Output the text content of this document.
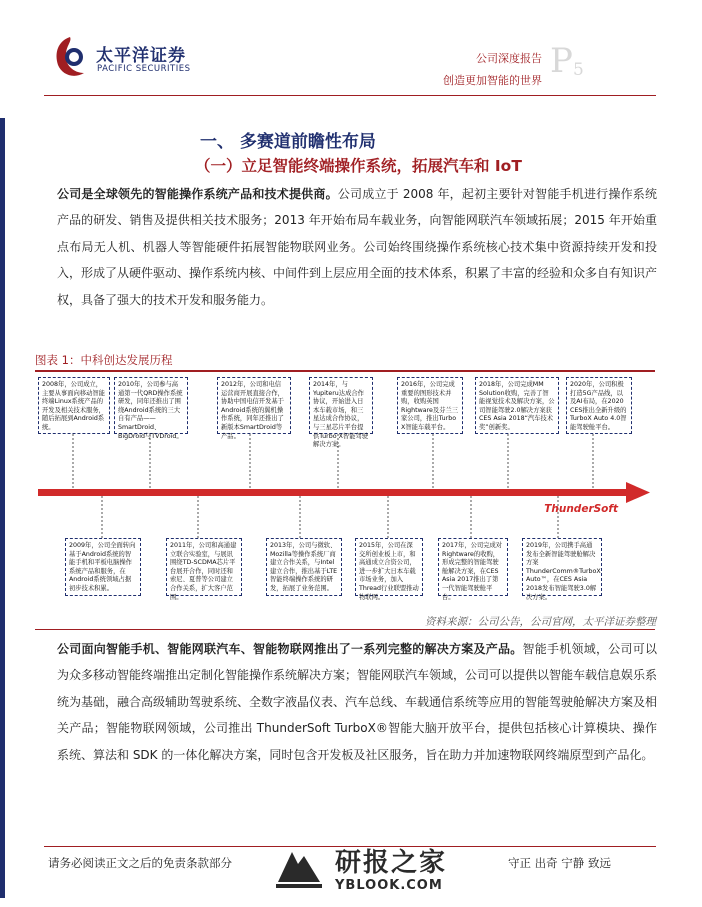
太平洋证券
PACIFIC SECURITIES
公司深度报告
创造更加智能的世界 P 5
一、 多赛道前瞻性布局
（一）立足智能终端操作系统，拓展汽车和 IoT
公司是全球领先的智能操作系统产品和技术提供商。公司成立于 2008 年，起初主要针对智能手机进行操作系统产品的研发、销售及提供相关技术服务；2013 年开始布局车载业务，向智能网联汽车领域拓展；2015 年开始重点布局无人机、机器人等智能硬件拓展智能物联网业务。公司始终围绕操作系统核心技术集中资源持续开发和投入，形成了从硬件驱动、操作系统内核、中间件到上层应用全面的技术体系，积累了丰富的经验和众多自有知识产权，具备了强大的技术开发和服务能力。
图表 1：中科创达发展历程
ThunderSoft
2008年，公司成立，主要从事面向移动智能终端Linux系统产品的开发及相关技术服务，随后拓展到Android系统。
2010年，公司参与高通第一代QRD操作系统研发，同年还推出了围绕Android系统的三大自有产品——SmartDroid、BigDroid与TVDroid。
2012年，公司和电信运营商开展直接合作，协助中国电信开发基于Android系统的翼机操作系统，同年还推出了新版本SmartDroid等产品。
2014年，与Yupiteru达成合作协议，开始进入日本车载市场，和三星达成合作协议，与三星芯片平台提供Turbo X智能驾驶解决方案。
2016年，公司完成重要的图形技术并购，收购英国Rightware及芬兰三家公司，推出Turbo X智能车载平台。
2018年，公司完成MM Solution收购，完善了智能视觉技术及解决方案，公司智能驾驶2.0解决方案获CES Asia 2018“汽车技术奖”创新奖。
2020年，公司积极打造5G产品线，以及AI布局，在2020 CES推出全新升级的TurboX Auto 4.0智能驾驶舱平台。
2009年，公司全面转向基于Android系统的智能手机和平板电脑操作系统产品和服务，在Android系统领域占据初步技术积累。
2011年，公司和高通建立联合实验室，与展讯围绕TD-SCDMA芯片平台展开合作，同时还和索尼、夏普等公司建立合作关系，扩大客户范围。
2013年，公司与微软、Mozilla等操作系统厂商建立合作关系，与Intel建立合作，推出基于LTE智能终端操作系统的研发，拓展了业务范围。
2015年，公司在深交所创业板上市，和高通成立合资公司，进一步扩大日本车载市场业务，加入Thread行业联盟推动物联网。
2017年，公司完成对Rightware的收购，形成完整的智能驾驶舱解决方案，在CES Asia 2017推出了第一代智能驾驶舱平台。
2019年，公司携手高通发布全新智能驾驶舱解决方案ThunderComm®TurboX Auto™，在CES Asia 2018发布智能驾驶3.0解决方案。
资料来源：公司公告，公司官网，太平洋证券整理
公司面向智能手机、智能网联汽车、智能物联网推出了一系列完整的解决方案及产品。智能手机领域，公司可以为众多移动智能终端推出定制化智能操作系统解决方案；智能网联汽车领域，公司可以提供以智能车载信息娱乐系统为基础，融合高级辅助驾驶系统、全数字液晶仪表、汽车总线、车载通信系统等应用的智能驾驶舱解决方案及相关产品；智能物联网领域，公司推出 ThunderSoft TurboX®智能大脑开放平台，提供包括核心计算模块、操作系统、算法和 SDK 的一体化解决方案，同时包含开发板及社区服务，旨在助力并加速物联网终端原型到产品化。
请务必阅读正文之后的免责条款部分	守正 出奇 宁静 致远
研报之家
YBLOOK.COM
